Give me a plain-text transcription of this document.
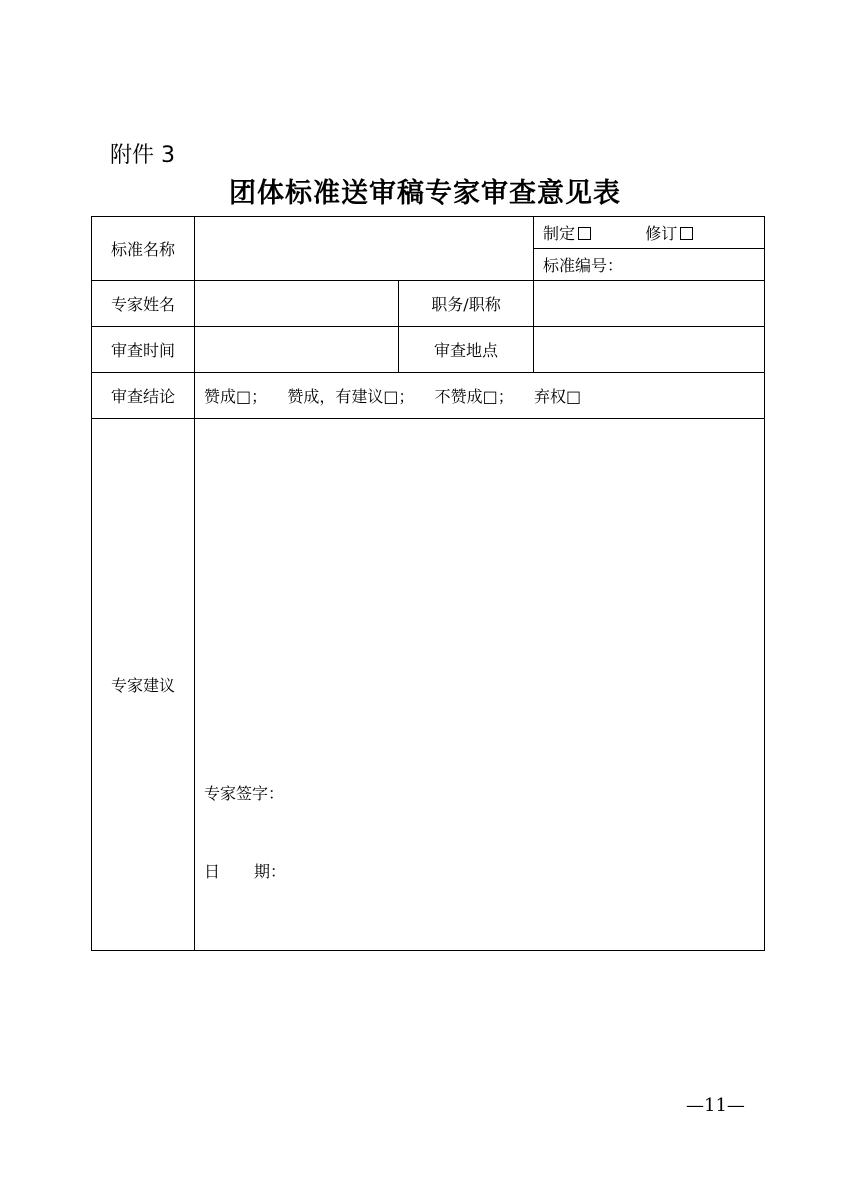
附件 3
团体标准送审稿专家审查意见表
标准名称			制定 修订
			标准编号：
专家姓名		职务/职称	
审查时间		审查地点	
审查结论	赞成□； 赞成，有建议□； 不赞成□； 弃权□		
专家建议	专家签字：
日 期：		
—11—
